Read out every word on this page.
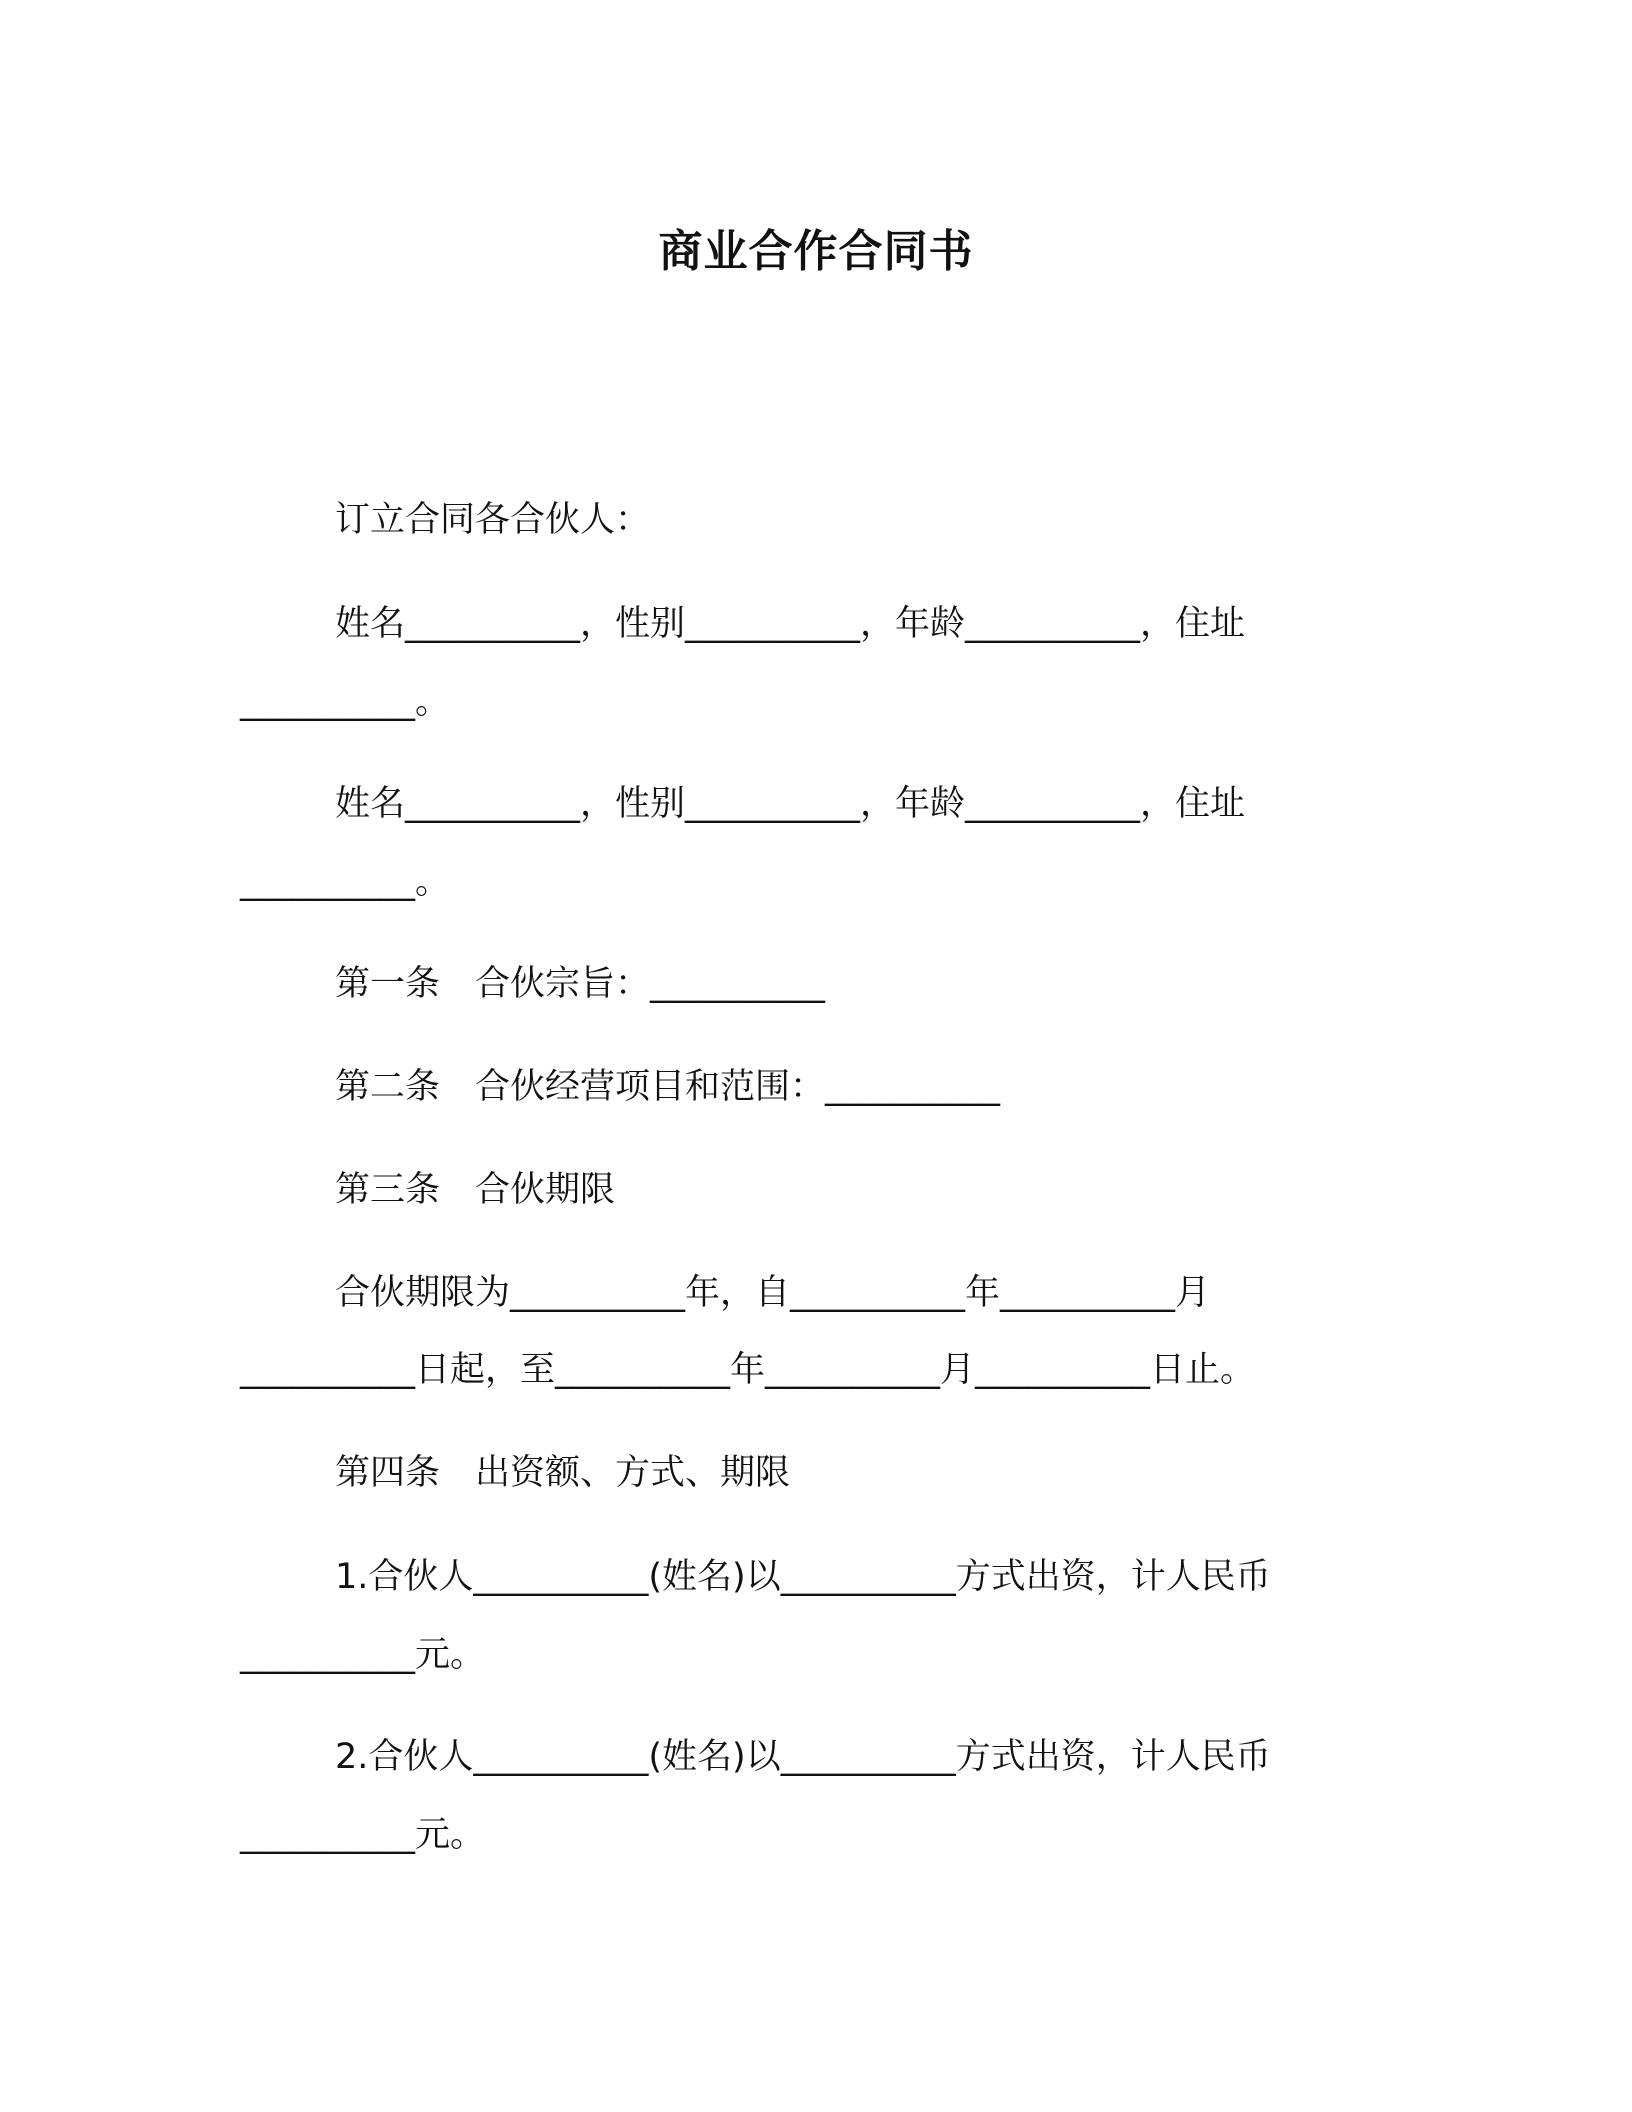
商业合作合同书
订立合同各合伙人：
姓名__________，性别__________，年龄__________，住址
__________。
姓名__________，性别__________，年龄__________，住址
__________。
第一条　合伙宗旨：__________
第二条　合伙经营项目和范围：__________
第三条　合伙期限
合伙期限为__________年，自__________年__________月
__________日起，至__________年__________月__________日止。
第四条　出资额、方式、期限
1.合伙人__________(姓名)以__________方式出资，计人民币
__________元。
2.合伙人__________(姓名)以__________方式出资，计人民币
__________元。
